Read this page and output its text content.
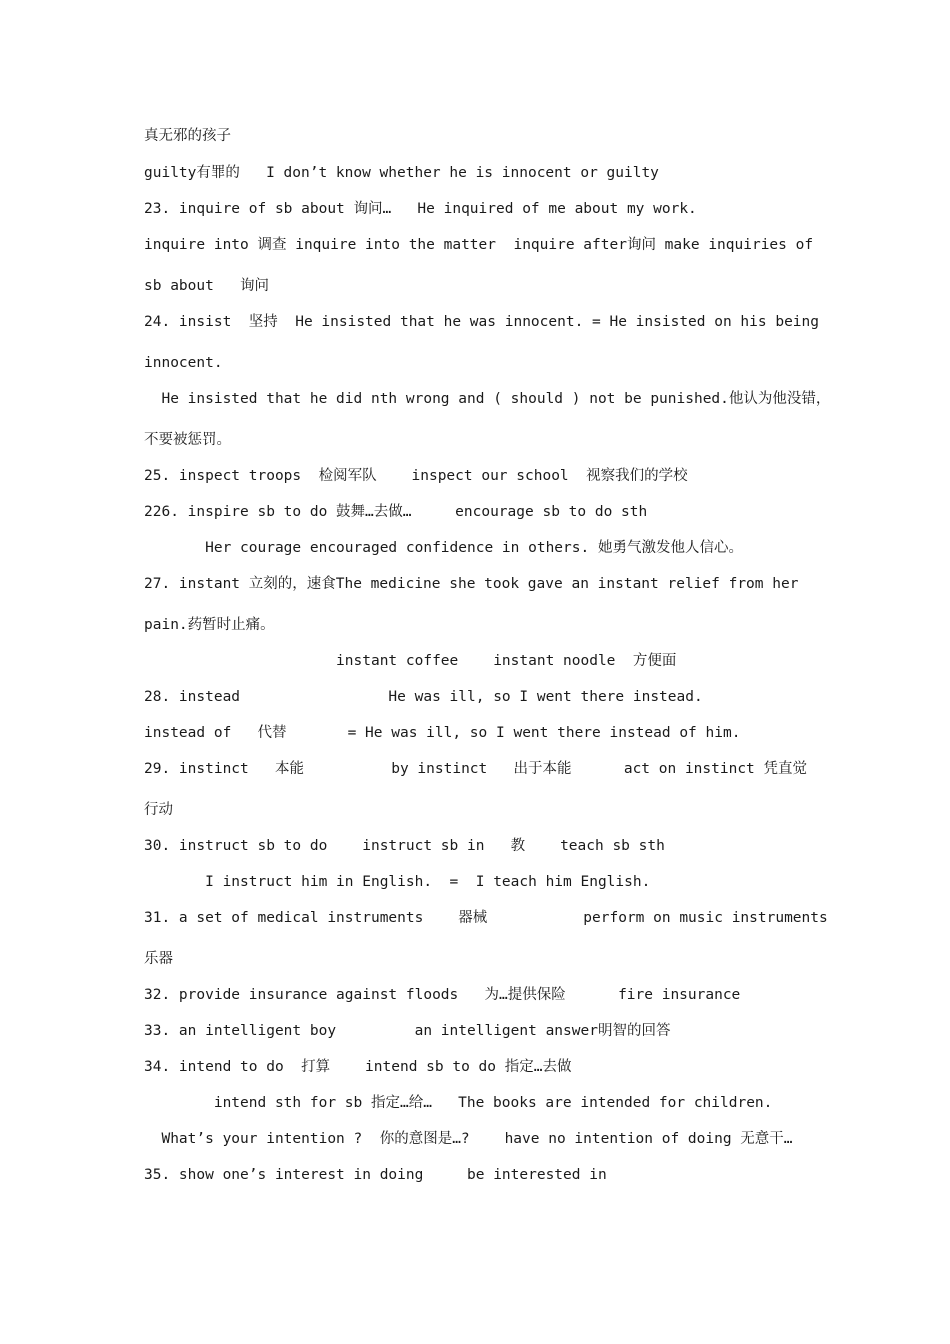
真无邪的孩子
guilty有罪的   I don’t know whether he is innocent or guilty
23. inquire of sb about 询问…   He inquired of me about my work.
inquire into 调查 inquire into the matter  inquire after询问 make inquiries of
sb about   询问
24. insist  坚持  He insisted that he was innocent. = He insisted on his being
innocent.
He insisted that he did nth wrong and ( should ) not be punished.他认为他没错，
不要被惩罚。
25. inspect troops  检阅军队    inspect our school  视察我们的学校
226. inspire sb to do 鼓舞…去做…     encourage sb to do sth
Her courage encouraged confidence in others. 她勇气激发他人信心。
27. instant 立刻的，速食The medicine she took gave an instant relief from her
pain.药暂时止痛。
instant coffee    instant noodle  方便面
28. instead                 He was ill, so I went there instead.
instead of   代替       = He was ill, so I went there instead of him.
29. instinct   本能          by instinct   出于本能      act on instinct 凭直觉
行动
30. instruct sb to do    instruct sb in   教    teach sb sth
I instruct him in English.  =  I teach him English.
31. a set of medical instruments    器械           perform on music instruments
乐器
32. provide insurance against floods   为…提供保险      fire insurance
33. an intelligent boy         an intelligent answer明智的回答
34. intend to do  打算    intend sb to do 指定…去做
intend sth for sb 指定…给…   The books are intended for children.
What’s your intention ?  你的意图是…?    have no intention of doing 无意干…
35. show one’s interest in doing     be interested in
